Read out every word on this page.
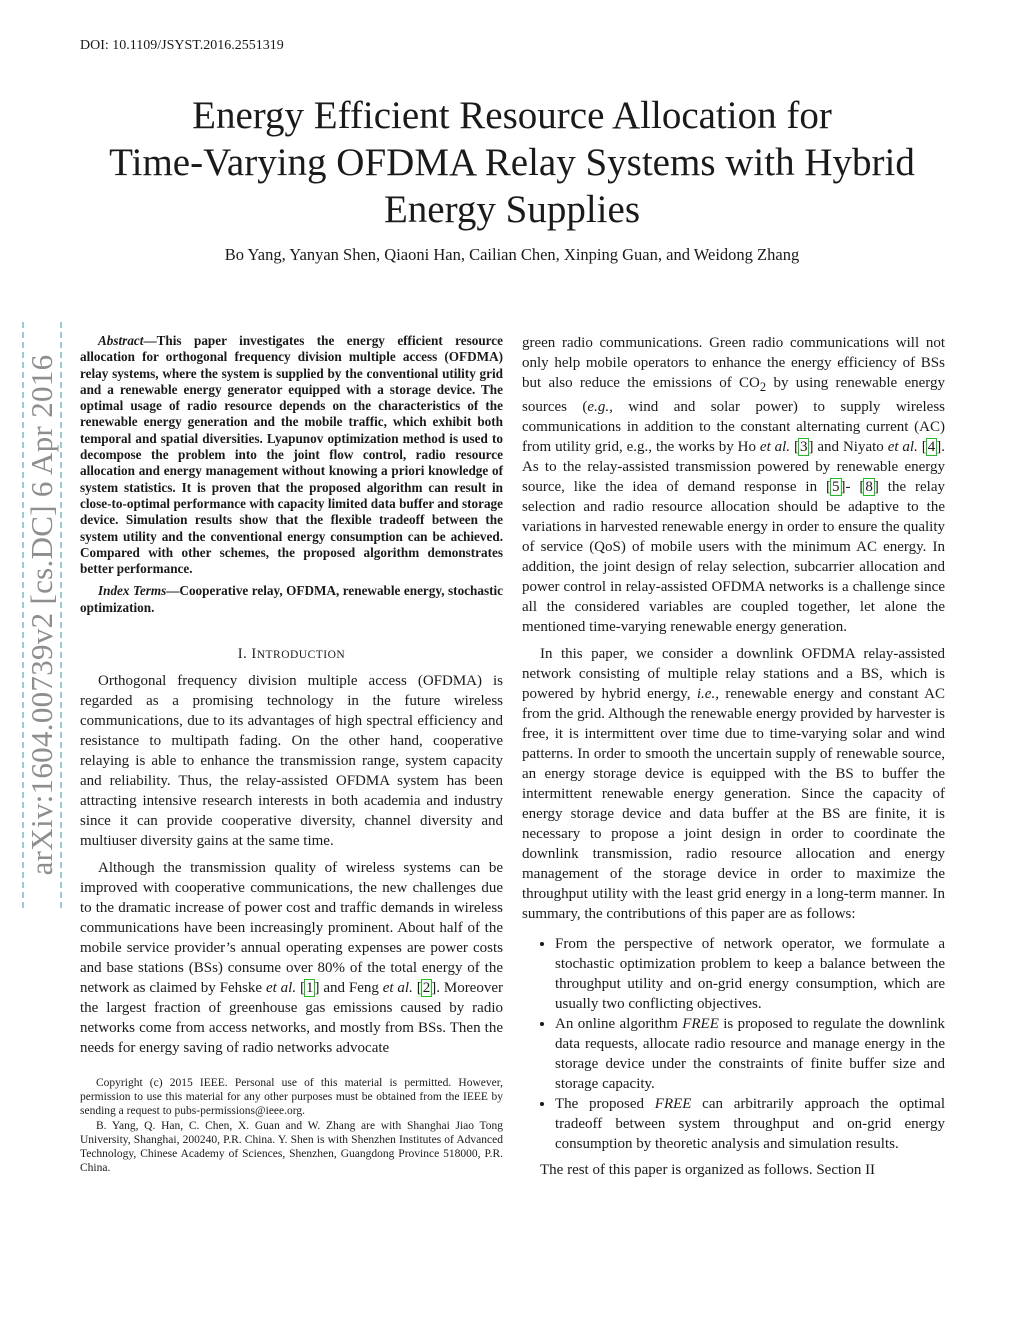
DOI: 10.1109/JSYST.2016.2551319
arXiv:1604.00739v2 [cs.DC] 6 Apr 2016
Energy Efficient Resource Allocation for
Time-Varying OFDMA Relay Systems with Hybrid
Energy Supplies
Bo Yang, Yanyan Shen, Qiaoni Han, Cailian Chen, Xinping Guan, and Weidong Zhang

Abstract—This paper investigates the energy efficient resource allocation for orthogonal frequency division multiple access (OFDMA) relay systems, where the system is supplied by the conventional utility grid and a renewable energy generator equipped with a storage device. The optimal usage of radio resource depends on the characteristics of the renewable energy generation and the mobile traffic, which exhibit both temporal and spatial diversities. Lyapunov optimization method is used to decompose the problem into the joint flow control, radio resource allocation and energy management without knowing a priori knowledge of system statistics. It is proven that the proposed algorithm can result in close-to-optimal performance with capacity limited data buffer and storage device. Simulation results show that the flexible tradeoff between the system utility and the conventional energy consumption can be achieved. Compared with other schemes, the proposed algorithm demonstrates better performance.

Index Terms—Cooperative relay, OFDMA, renewable energy, stochastic optimization.

I. INTRODUCTION

Orthogonal frequency division multiple access (OFDMA) is regarded as a promising technology in the future wireless communications, due to its advantages of high spectral efficiency and resistance to multipath fading. On the other hand, cooperative relaying is able to enhance the transmission range, system capacity and reliability. Thus, the relay-assisted OFDMA system has been attracting intensive research interests in both academia and industry since it can provide cooperative diversity, channel diversity and multiuser diversity gains at the same time.

Although the transmission quality of wireless systems can be improved with cooperative communications, the new challenges due to the dramatic increase of power cost and traffic demands in wireless communications have been increasingly prominent. About half of the mobile service provider’s annual operating expenses are power costs and base stations (BSs) consume over 80% of the total energy of the network as claimed by Fehske et al. [1] and Feng et al. [2]. Moreover the largest fraction of greenhouse gas emissions caused by radio networks come from access networks, and mostly from BSs. Then the needs for energy saving of radio networks advocate

Copyright (c) 2015 IEEE. Personal use of this material is permitted. However, permission to use this material for any other purposes must be obtained from the IEEE by sending a request to pubs-permissions@ieee.org.

B. Yang, Q. Han, C. Chen, X. Guan and W. Zhang are with Shanghai Jiao Tong University, Shanghai, 200240, P.R. China. Y. Shen is with Shenzhen Institutes of Advanced Technology, Chinese Academy of Sciences, Shenzhen, Guangdong Province 518000, P.R. China.

green radio communications. Green radio communications will not only help mobile operators to enhance the energy efficiency of BSs but also reduce the emissions of $CO_2$ by using renewable energy sources (e.g., wind and solar power) to supply wireless communications in addition to the constant alternating current (AC) from utility grid, e.g., the works by Ho et al. [3] and Niyato et al. [4]. As to the relay-assisted transmission powered by renewable energy source, like the idea of demand response in [5]- [8] the relay selection and radio resource allocation should be adaptive to the variations in harvested renewable energy in order to ensure the quality of service (QoS) of mobile users with the minimum AC energy. In addition, the joint design of relay selection, subcarrier allocation and power control in relay-assisted OFDMA networks is a challenge since all the considered variables are coupled together, let alone the mentioned time-varying renewable energy generation.

In this paper, we consider a downlink OFDMA relay-assisted network consisting of multiple relay stations and a BS, which is powered by hybrid energy, i.e., renewable energy and constant AC from the grid. Although the renewable energy provided by harvester is free, it is intermittent over time due to time-varying solar and wind patterns. In order to smooth the uncertain supply of renewable source, an energy storage device is equipped with the BS to buffer the intermittent renewable energy generation. Since the capacity of energy storage device and data buffer at the BS are finite, it is necessary to propose a joint design in order to coordinate the downlink transmission, radio resource allocation and energy management of the storage device in order to maximize the throughput utility with the least grid energy in a long-term manner. In summary, the contributions of this paper are as follows:

• From the perspective of network operator, we formulate a stochastic optimization problem to keep a balance between the throughput utility and on-grid energy consumption, which are usually two conflicting objectives.
• An online algorithm FREE is proposed to regulate the downlink data requests, allocate radio resource and manage energy in the storage device under the constraints of finite buffer size and storage capacity.
• The proposed FREE can arbitrarily approach the optimal tradeoff between system throughput and on-grid energy consumption by theoretic analysis and simulation results.

The rest of this paper is organized as follows. Section II
